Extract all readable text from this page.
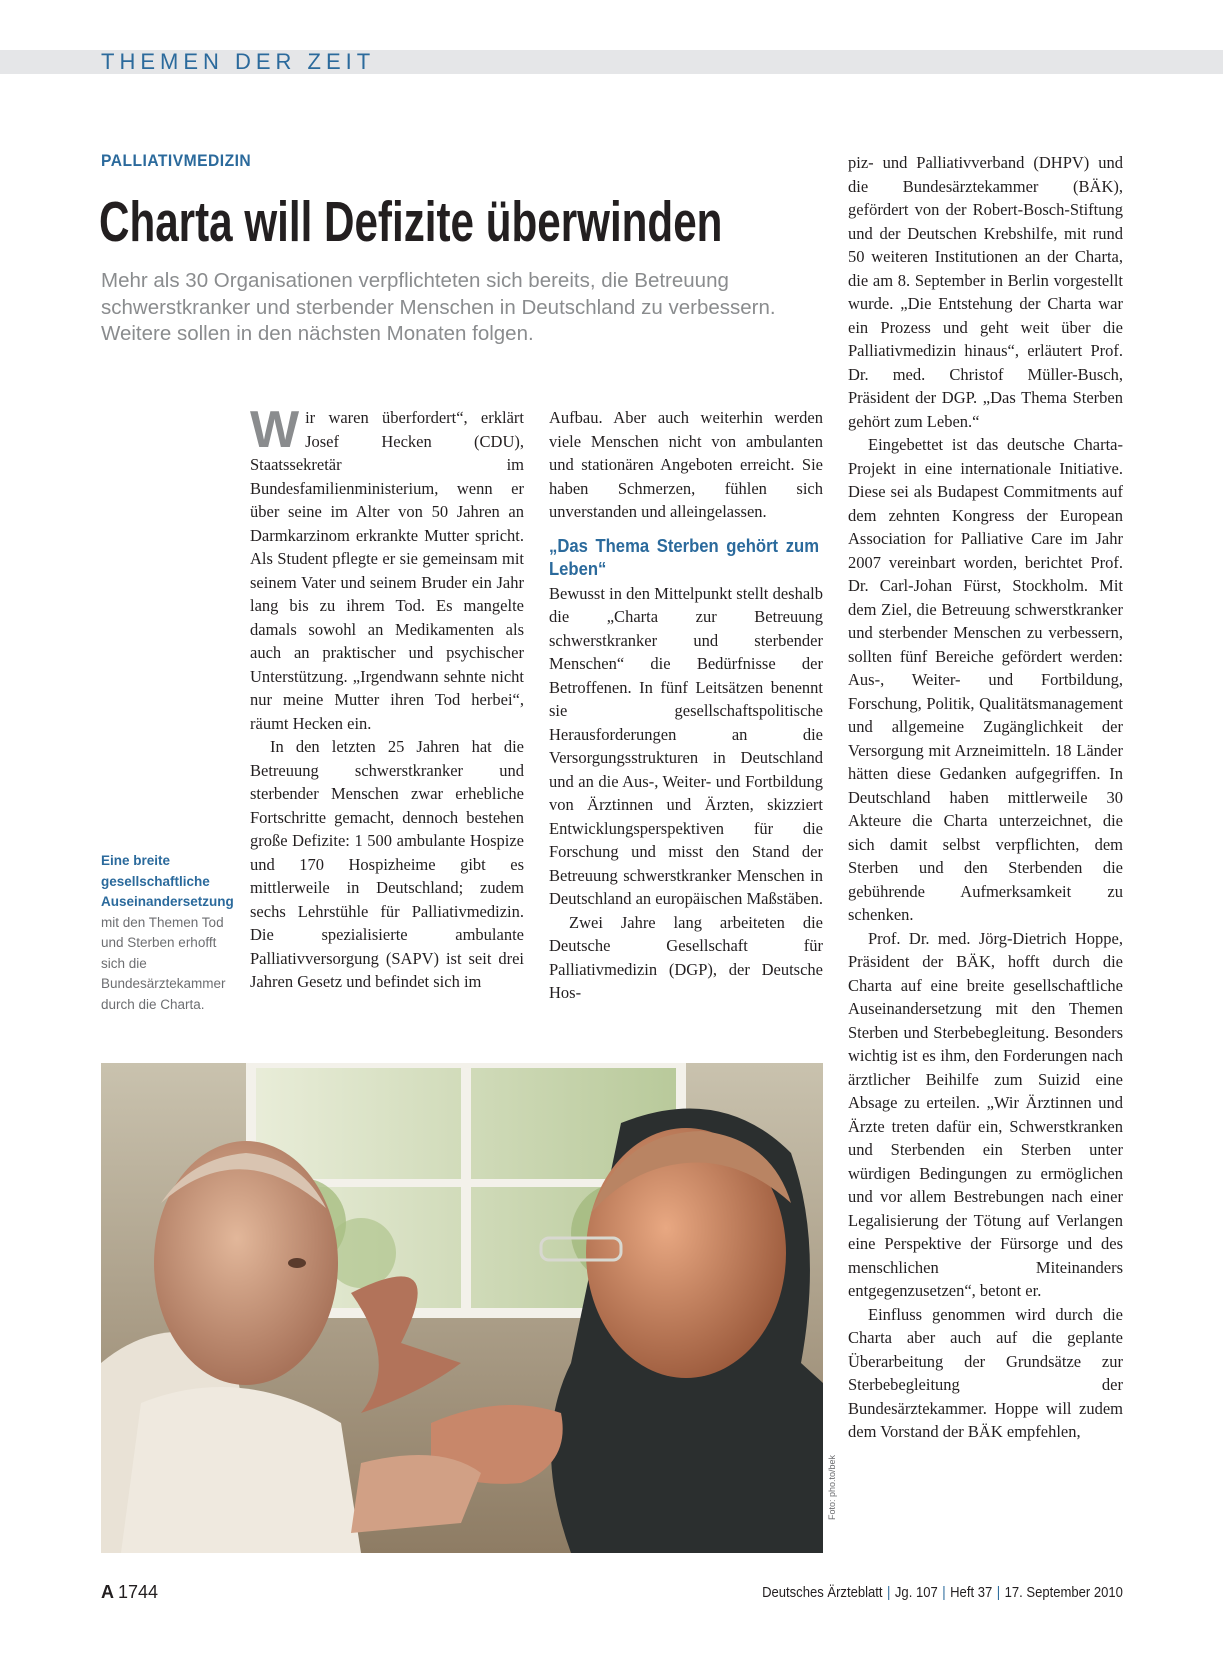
THEMEN DER ZEIT
PALLIATIVMEDIZIN
Charta will Defizite überwinden
Mehr als 30 Organisationen verpflichteten sich bereits, die Betreuung schwerstkranker und sterbender Menschen in Deutschland zu verbessern. Weitere sollen in den nächsten Monaten folgen.

Wir waren überfordert“, erklärt Josef Hecken (CDU), Staatssekretär im Bundesfamilienministerium, wenn er über seine im Alter von 50 Jahren an Darmkarzinom erkrankte Mutter spricht. Als Student pflegte er sie gemeinsam mit seinem Vater und seinem Bruder ein Jahr lang bis zu ihrem Tod. Es mangelte damals sowohl an Medikamenten als auch an praktischer und psychischer Unterstützung. „Irgendwann sehnte nicht nur meine Mutter ihren Tod herbei“, räumt Hecken ein.

In den letzten 25 Jahren hat die Betreuung schwerstkranker und sterbender Menschen zwar erhebliche Fortschritte gemacht, dennoch bestehen große Defizite: 1 500 ambulante Hospize und 170 Hospizheime gibt es mittlerweile in Deutschland; zudem sechs Lehrstühle für Palliativmedizin. Die spezialisierte ambulante Palliativversorgung (SAPV) ist seit drei Jahren Gesetz und befindet sich im

Aufbau. Aber auch weiterhin werden viele Menschen nicht von ambulanten und stationären Angeboten erreicht. Sie haben Schmerzen, fühlen sich unverstanden und alleingelassen.

„Das Thema Sterben gehört zum Leben“

Bewusst in den Mittelpunkt stellt deshalb die „Charta zur Betreuung schwerstkranker und sterbender Menschen“ die Bedürfnisse der Betroffenen. In fünf Leitsätzen benennt sie gesellschaftspolitische Herausforderungen an die Versorgungsstrukturen in Deutschland und an die Aus-, Weiter- und Fortbildung von Ärztinnen und Ärzten, skizziert Entwicklungsperspektiven für die Forschung und misst den Stand der Betreuung schwerstkranker Menschen in Deutschland an europäischen Maßstäben.

Zwei Jahre lang arbeiteten die Deutsche Gesellschaft für Palliativmedizin (DGP), der Deutsche Hos-

piz- und Palliativverband (DHPV) und die Bundesärztekammer (BÄK), gefördert von der Robert-Bosch-Stiftung und der Deutschen Krebshilfe, mit rund 50 weiteren Institutionen an der Charta, die am 8. September in Berlin vorgestellt wurde. „Die Entstehung der Charta war ein Prozess und geht weit über die Palliativmedizin hinaus“, erläutert Prof. Dr. med. Christof Müller-Busch, Präsident der DGP. „Das Thema Sterben gehört zum Leben.“

Eingebettet ist das deutsche Charta-Projekt in eine internationale Initiative. Diese sei als Budapest Commitments auf dem zehnten Kongress der European Association for Palliative Care im Jahr 2007 vereinbart worden, berichtet Prof. Dr. Carl-Johan Fürst, Stockholm. Mit dem Ziel, die Betreuung schwerstkranker und sterbender Menschen zu verbessern, sollten fünf Bereiche gefördert werden: Aus-, Weiter- und Fortbildung, Forschung, Politik, Qualitätsmanagement und allgemeine Zugänglichkeit der Versorgung mit Arzneimitteln. 18 Länder hätten diese Gedanken aufgegriffen. In Deutschland haben mittlerweile 30 Akteure die Charta unterzeichnet, die sich damit selbst verpflichten, dem Sterben und den Sterbenden die gebührende Aufmerksamkeit zu schenken.

Prof. Dr. med. Jörg-Dietrich Hoppe, Präsident der BÄK, hofft durch die Charta auf eine breite gesellschaftliche Auseinandersetzung mit den Themen Sterben und Sterbebegleitung. Besonders wichtig ist es ihm, den Forderungen nach ärztlicher Beihilfe zum Suizid eine Absage zu erteilen. „Wir Ärztinnen und Ärzte treten dafür ein, Schwerstkranken und Sterbenden ein Sterben unter würdigen Bedingungen zu ermöglichen und vor allem Bestrebungen nach einer Legalisierung der Tötung auf Verlangen eine Perspektive der Fürsorge und des menschlichen Miteinanders entgegenzusetzen“, betont er.

Einfluss genommen wird durch die Charta aber auch auf die geplante Überarbeitung der Grundsätze zur Sterbebegleitung der Bundesärztekammer. Hoppe will zudem dem Vorstand der BÄK empfehlen,

Eine breite gesellschaftliche Auseinandersetzung mit den Themen Tod und Sterben erhofft sich die Bundesärztekammer durch die Charta.
Foto: pho.to/bek
A 1744	Deutsches Ärzteblatt | Jg. 107 | Heft 37 | 17. September 2010
